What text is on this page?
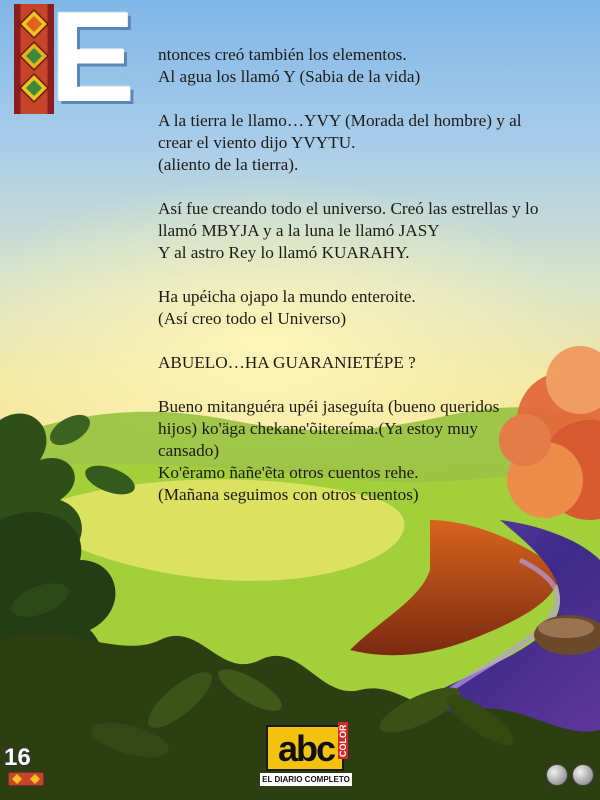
E	ntonces creó también los elementos.
Al agua los llamó Y (Sabia de la vida)

A la tierra le llamo…YVY (Morada del hombre) y al
crear el viento dijo YVYTU.
(aliento de la tierra).

Así fue creando todo el universo. Creó las estrellas y lo
llamó MBYJA y a la luna le llamó JASY
Y al astro Rey lo llamó KUARAHY.

Ha upéicha ojapo la mundo enteroite.
(Así creo todo el Universo)

ABUELO…HA GUARANIETÉPE ?

Bueno mitanguéra upéi jaseguíta (bueno queridos
hijos) ko'äga chekane'õitereíma.(Ya estoy muy
cansado)
Ko'ẽramo ñañe'ẽta otros cuentos rehe.
(Mañana seguimos con otros cuentos)

16	abc COLOR
EL DIARIO COMPLETO
